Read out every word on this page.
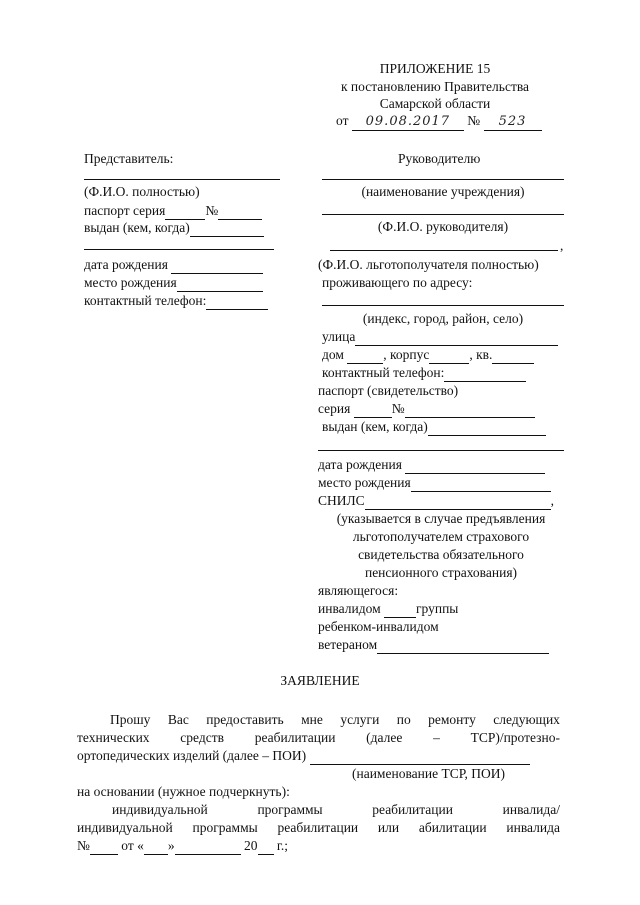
ПРИЛОЖЕНИЕ 15
к постановлению Правительства
Самарской области
от 09.08.2017 № 523
Представитель:
(Ф.И.О. полностью)
паспорт серия	№
выдан (кем, когда)
дата рождения
место рождения
контактный телефон:
Руководителю
(наименование учреждения)
(Ф.И.О. руководителя)
,
(Ф.И.О. льготополучателя полностью)
проживающего по адресу:
(индекс, город, район, село)
улица
дом	, корпус	, кв.
контактный телефон:
паспорт (свидетельство)
серия	№
выдан (кем, когда)
дата рождения
место рождения
СНИЛС	,
(указывается в случае предъявления
льготополучателем страхового
свидетельства обязательного
пенсионного страхования)
являющегося:
инвалидом	группы
ребенком-инвалидом
ветераном
ЗАЯВЛЕНИЕ
Прошу Вас предоставить мне услуги по ремонту следующих
технических средств реабилитации (далее – ТСР)/протезно-
ортопедических изделий (далее – ПОИ)
(наименование ТСР, ПОИ)
на основании (нужное подчеркнуть):
индивидуальной	программы	реабилитации	инвалида/
индивидуальной программы реабилитации или абилитации инвалида
№ от « »	20 г.;
